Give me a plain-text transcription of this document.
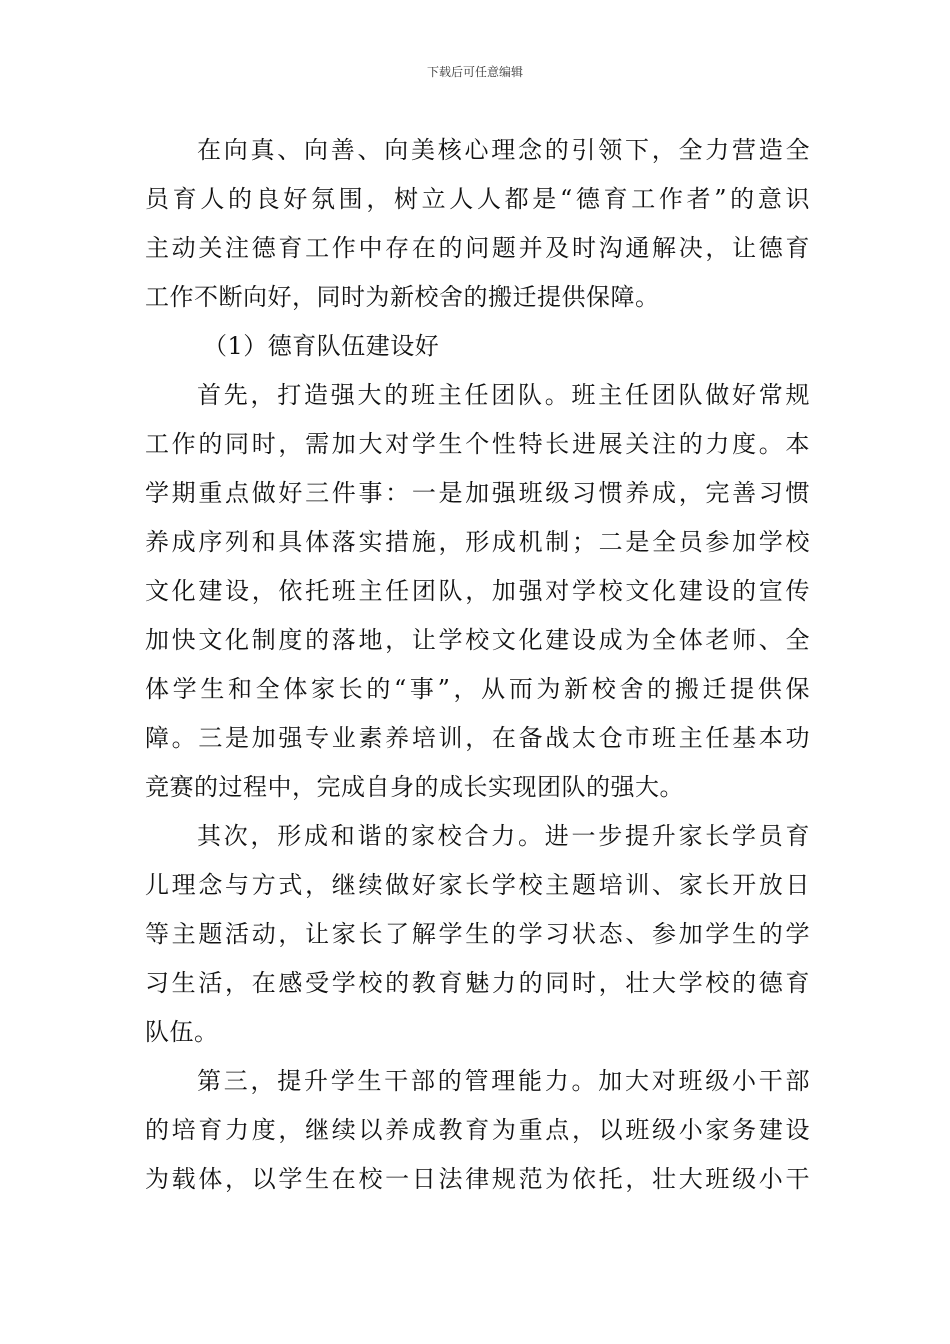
下载后可任意编辑
在向真、向善、向美核心理念的引领下，全力营造全
员育人的良好氛围，树立人人都是“德育工作者”的意识
主动关注德育工作中存在的问题并及时沟通解决，让德育
工作不断向好，同时为新校舍的搬迁提供保障。
（1）德育队伍建设好
首先，打造强大的班主任团队。班主任团队做好常规
工作的同时，需加大对学生个性特长进展关注的力度。本
学期重点做好三件事：一是加强班级习惯养成，完善习惯
养成序列和具体落实措施，形成机制；二是全员参加学校
文化建设，依托班主任团队，加强对学校文化建设的宣传
加快文化制度的落地，让学校文化建设成为全体老师、全
体学生和全体家长的“事”，从而为新校舍的搬迁提供保
障。三是加强专业素养培训，在备战太仓市班主任基本功
竞赛的过程中，完成自身的成长实现团队的强大。
其次，形成和谐的家校合力。进一步提升家长学员育
儿理念与方式，继续做好家长学校主题培训、家长开放日
等主题活动，让家长了解学生的学习状态、参加学生的学
习生活，在感受学校的教育魅力的同时，壮大学校的德育
队伍。
第三，提升学生干部的管理能力。加大对班级小干部
的培育力度，继续以养成教育为重点，以班级小家务建设
为载体，以学生在校一日法律规范为依托，壮大班级小干
